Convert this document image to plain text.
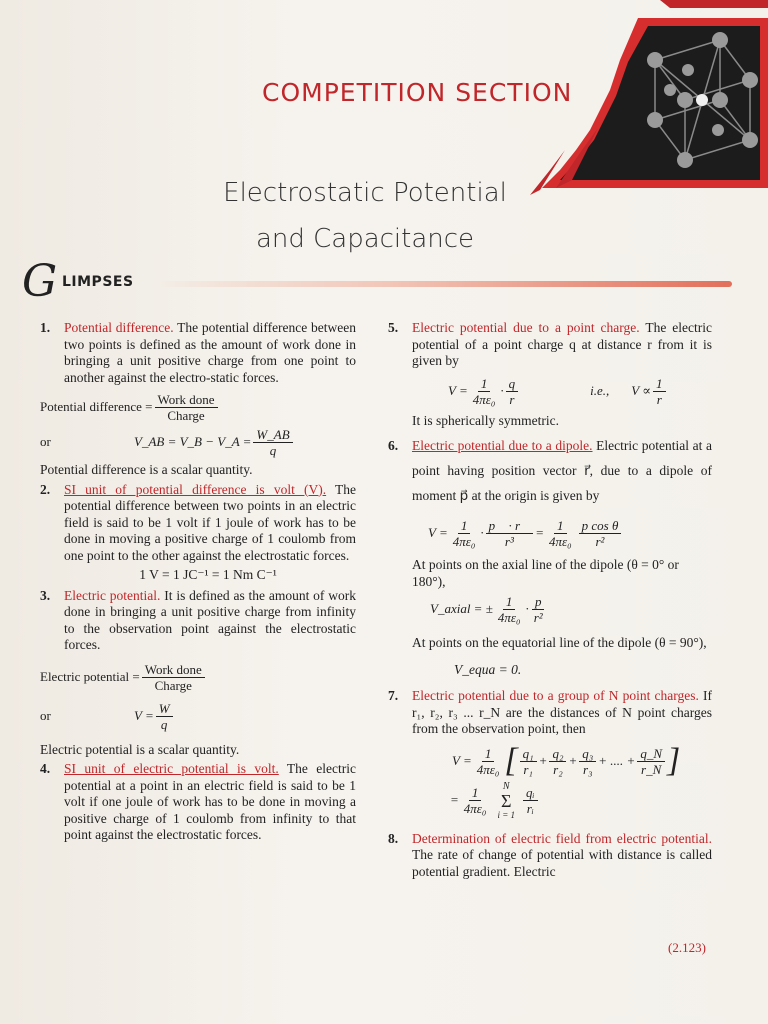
COMPETITION SECTION
Electrostatic Potential
and Capacitance
G LIMPSES
1. Potential difference. The potential difference between two points is defined as the amount of work done in bringing a unit positive charge from one point to another against the electro-static forces.
Potential difference = $\frac{\text{Work done}}{\text{Charge}}$
or	V_AB = V_B − V_A = $\frac{W\_AB}{q}$
Potential difference is a scalar quantity.
2. SI unit of potential difference is volt (V). The potential difference between two points in an electric field is said to be 1 volt if 1 joule of work has to be done in moving a positive charge of 1 coulomb from one point to the other against the electrostatic forces.
1 V = 1 JC⁻¹ = 1 Nm C⁻¹
3. Electric potential. It is defined as the amount of work done in bringing a unit positive charge from infinity to the observation point against the electrostatic forces.
Electric potential = $\frac{\text{Work done}}{\text{Charge}}$
or	$V = \frac{W}{q}$
Electric potential is a scalar quantity.
4. SI unit of electric potential is volt. The electric potential at a point in an electric field is said to be 1 volt if one joule of work has to be done in moving a positive charge of 1 coulomb from infinity to that point against the electrostatic forces.
5. Electric potential due to a point charge. The electric potential of a point charge q at distance r from it is given by
$V = \frac{1}{\text{4πε₀}} \cdot \frac{q}{r}$	i.e., $V \propto \frac{1}{r}$
It is spherically symmetric.
6. Electric potential due to a dipole. Electric potential at a point having position vector r⃗, due to a dipole of moment p⃗ at the origin is given by
$V = \frac{1}{\text{4πε₀}} \cdot \frac{p⃗ \cdot r⃗}{\text{r³}} = \frac{1}{\text{4πε₀}} \frac{\text{p cos θ}}{\text{r²}}$
At points on the axial line of the dipole (θ = 0° or 180°),
V_axial = ± $\frac{1}{\text{4πε₀}} \cdot \frac{p}{\text{r²}}$
At points on the equatorial line of the dipole (θ = 90°),
V_equa = 0.
7. Electric potential due to a group of N point charges. If r₁, r₂, r₃ ... r_N are the distances of N point charges from the observation point, then
$V = \frac{1}{\text{4πε₀}}$ [ $\frac{\text{q₁}}{\text{r₁}} + \frac{\text{q₂}}{\text{r₂}} + \frac{\text{q₃}}{\text{r₃}}$ + .... + $\frac{q\_N}{r\_N}$ ]
= $\frac{1}{\text{4πε₀}}$ N
Σ
$i = 1 \frac{\text{qᵢ}}{\text{rᵢ}}$
8. Determination of electric field from electric potential. The rate of change of potential with distance is called potential gradient. Electric
(2.123)
